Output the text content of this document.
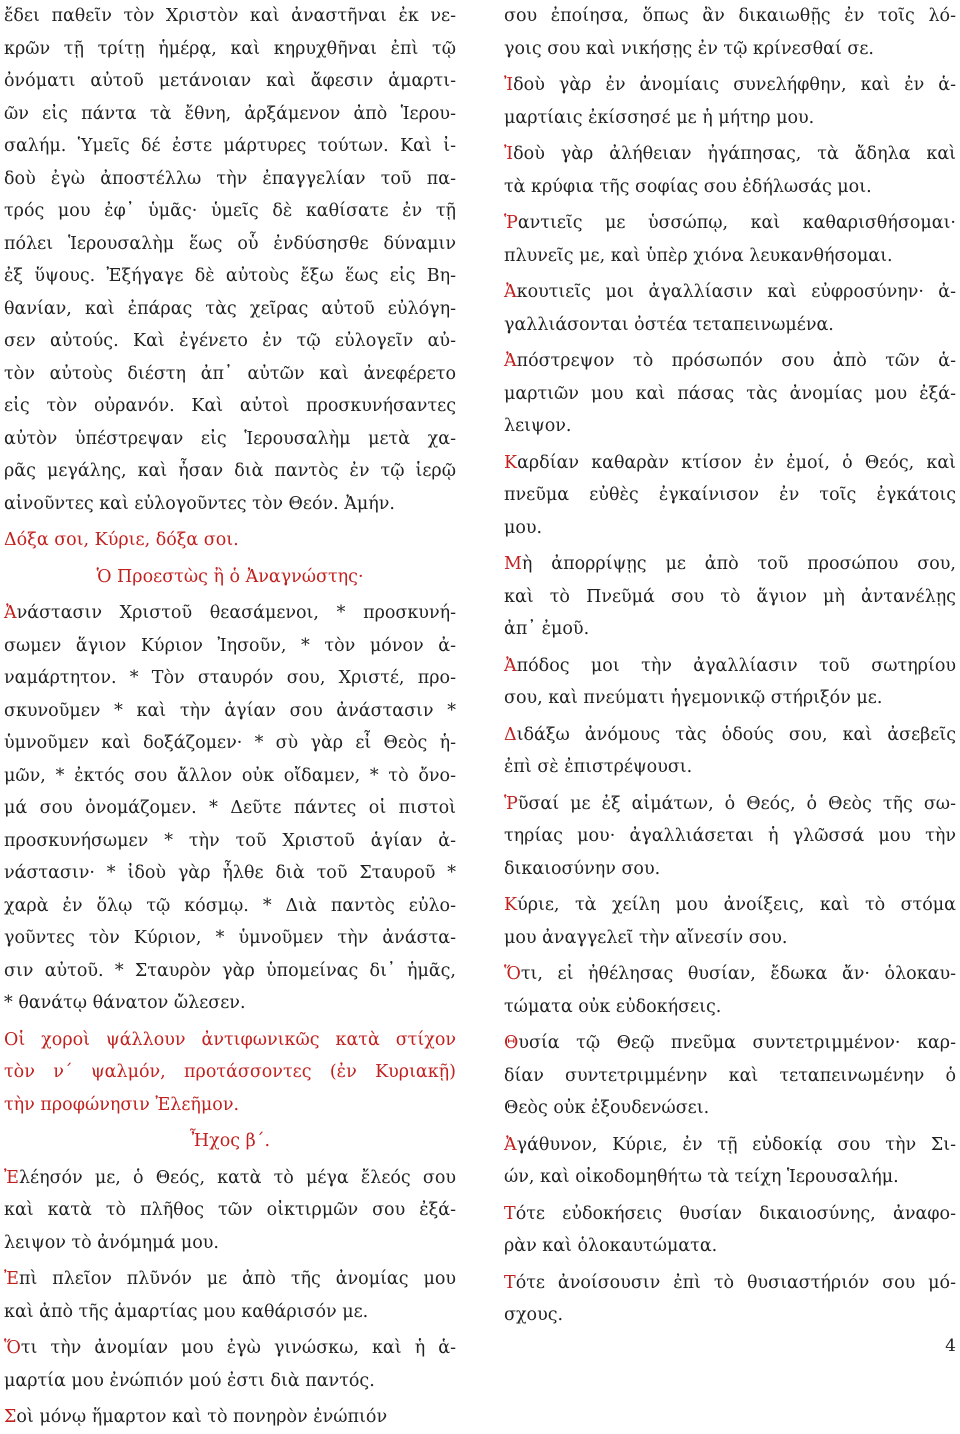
ἔδει παθεῖν τὸν Χριστὸν καὶ ἀναστῆναι ἐκ νε-
κρῶν τῇ τρίτῃ ἡμέρᾳ, καὶ κηρυχθῆναι ἐπὶ τῷ
ὀνόματι αὐτοῦ μετάνοιαν καὶ ἄφεσιν ἁμαρτι-
ῶν εἰς πάντα τὰ ἔθνη, ἀρξάμενον ἀπὸ Ἱερου-
σαλήμ. Ὑμεῖς δέ ἐστε μάρτυρες τούτων. Καὶ ἰ-
δοὺ ἐγὼ ἀποστέλλω τὴν ἐπαγγελίαν τοῦ πα-
τρός μου ἐφ᾿ ὑμᾶς· ὑμεῖς δὲ καθίσατε ἐν τῇ
πόλει Ἱερουσαλὴμ ἕως οὗ ἐνδύσησθε δύναμιν
ἐξ ὕψους. Ἐξήγαγε δὲ αὐτοὺς ἔξω ἕως εἰς Βη-
θανίαν, καὶ ἐπάρας τὰς χεῖρας αὐτοῦ εὐλόγη-
σεν αὐτούς. Καὶ ἐγένετο ἐν τῷ εὐλογεῖν αὐ-
τὸν αὐτοὺς διέστη ἀπ᾿ αὐτῶν καὶ ἀνεφέρετο
εἰς τὸν οὐρανόν. Καὶ αὐτοὶ προσκυνήσαντες
αὐτὸν ὑπέστρεψαν εἰς Ἱερουσαλὴμ μετὰ χα-
ρᾶς μεγάλης, καὶ ἦσαν διὰ παντὸς ἐν τῷ ἱερῷ
αἰνοῦντες καὶ εὐλογοῦντες τὸν Θεόν. Ἀμήν.
Δόξα σοι, Κύριε, δόξα σοι.
Ὁ Προεστὼς ἢ ὁ Ἀναγνώστης·
Ἀνάστασιν Χριστοῦ θεασάμενοι, * προσκυνή-
σωμεν ἅγιον Κύριον Ἰησοῦν, * τὸν μόνον ἀ-
ναμάρτητον. * Τὸν σταυρόν σου, Χριστέ, προ-
σκυνοῦμεν * καὶ τὴν ἁγίαν σου ἀνάστασιν *
ὑμνοῦμεν καὶ δοξάζομεν· * σὺ γὰρ εἶ Θεὸς ἡ-
μῶν, * ἐκτός σου ἄλλον οὐκ οἴδαμεν, * τὸ ὄνο-
μά σου ὀνομάζομεν. * Δεῦτε πάντες οἱ πιστοὶ
προσκυνήσωμεν * τὴν τοῦ Χριστοῦ ἁγίαν ἀ-
νάστασιν· * ἰδοὺ γὰρ ἦλθε διὰ τοῦ Σταυροῦ *
χαρὰ ἐν ὅλῳ τῷ κόσμῳ. * Διὰ παντὸς εὐλο-
γοῦντες τὸν Κύριον, * ὑμνοῦμεν τὴν ἀνάστα-
σιν αὐτοῦ. * Σταυρὸν γὰρ ὑπομείνας δι᾿ ἡμᾶς,
* θανάτῳ θάνατον ὤλεσεν.
Οἱ χοροὶ ψάλλουν ἀντιφωνικῶς κατὰ στίχον
τὸν ν´ ψαλμόν, προτάσσοντες (ἐν Κυριακῇ)
τὴν προφώνησιν Ἐλεῆμον.
Ἦχος β´.
Ἐλέησόν με, ὁ Θεός, κατὰ τὸ μέγα ἔλεός σου
καὶ κατὰ τὸ πλῆθος τῶν οἰκτιρμῶν σου ἐξά-
λειψον τὸ ἀνόμημά μου.
Ἐπὶ πλεῖον πλῦνόν με ἀπὸ τῆς ἀνομίας μου
καὶ ἀπὸ τῆς ἁμαρτίας μου καθάρισόν με.
Ὅτι τὴν ἀνομίαν μου ἐγὼ γινώσκω, καὶ ἡ ἁ-
μαρτία μου ἐνώπιόν μού ἐστι διὰ παντός.
Σοὶ μόνῳ ἥμαρτον καὶ τὸ πονηρὸν ἐνώπιόν
σου ἐποίησα, ὅπως ἂν δικαιωθῇς ἐν τοῖς λό-
γοις σου καὶ νικήσῃς ἐν τῷ κρίνεσθαί σε.
Ἰδοὺ γὰρ ἐν ἀνομίαις συνελήφθην, καὶ ἐν ἁ-
μαρτίαις ἐκίσσησέ με ἡ μήτηρ μου.
Ἰδοὺ γὰρ ἀλήθειαν ἠγάπησας, τὰ ἄδηλα καὶ
τὰ κρύφια τῆς σοφίας σου ἐδήλωσάς μοι.
Ῥαντιεῖς με ὑσσώπῳ, καὶ καθαρισθήσομαι·
πλυνεῖς με, καὶ ὑπὲρ χιόνα λευκανθήσομαι.
Ἀκουτιεῖς μοι ἀγαλλίασιν καὶ εὐφροσύνην· ἀ-
γαλλιάσονται ὀστέα τεταπεινωμένα.
Ἀπόστρεψον τὸ πρόσωπόν σου ἀπὸ τῶν ἁ-
μαρτιῶν μου καὶ πάσας τὰς ἀνομίας μου ἐξά-
λειψον.
Καρδίαν καθαρὰν κτίσον ἐν ἐμοί, ὁ Θεός, καὶ
πνεῦμα εὐθὲς ἐγκαίνισον ἐν τοῖς ἐγκάτοις
μου.
Μὴ ἀπορρίψῃς με ἀπὸ τοῦ προσώπου σου,
καὶ τὸ Πνεῦμά σου τὸ ἅγιον μὴ ἀντανέλῃς
ἀπ᾿ ἐμοῦ.
Ἀπόδος μοι τὴν ἀγαλλίασιν τοῦ σωτηρίου
σου, καὶ πνεύματι ἡγεμονικῷ στήριξόν με.
Διδάξω ἀνόμους τὰς ὁδούς σου, καὶ ἀσεβεῖς
ἐπὶ σὲ ἐπιστρέψουσι.
Ῥῦσαί με ἐξ αἱμάτων, ὁ Θεός, ὁ Θεὸς τῆς σω-
τηρίας μου· ἀγαλλιάσεται ἡ γλῶσσά μου τὴν
δικαιοσύνην σου.
Κύριε, τὰ χείλη μου ἀνοίξεις, καὶ τὸ στόμα
μου ἀναγγελεῖ τὴν αἴνεσίν σου.
Ὅτι, εἰ ἠθέλησας θυσίαν, ἔδωκα ἄν· ὁλοκαυ-
τώματα οὐκ εὐδοκήσεις.
Θυσία τῷ Θεῷ πνεῦμα συντετριμμένον· καρ-
δίαν συντετριμμένην καὶ τεταπεινωμένην ὁ
Θεὸς οὐκ ἐξουδενώσει.
Ἀγάθυνον, Κύριε, ἐν τῇ εὐδοκίᾳ σου τὴν Σι-
ών, καὶ οἰκοδομηθήτω τὰ τείχη Ἱερουσαλήμ.
Τότε εὐδοκήσεις θυσίαν δικαιοσύνης, ἀναφο-
ρὰν καὶ ὁλοκαυτώματα.
Τότε ἀνοίσουσιν ἐπὶ τὸ θυσιαστήριόν σου μό-
σχους.
4
